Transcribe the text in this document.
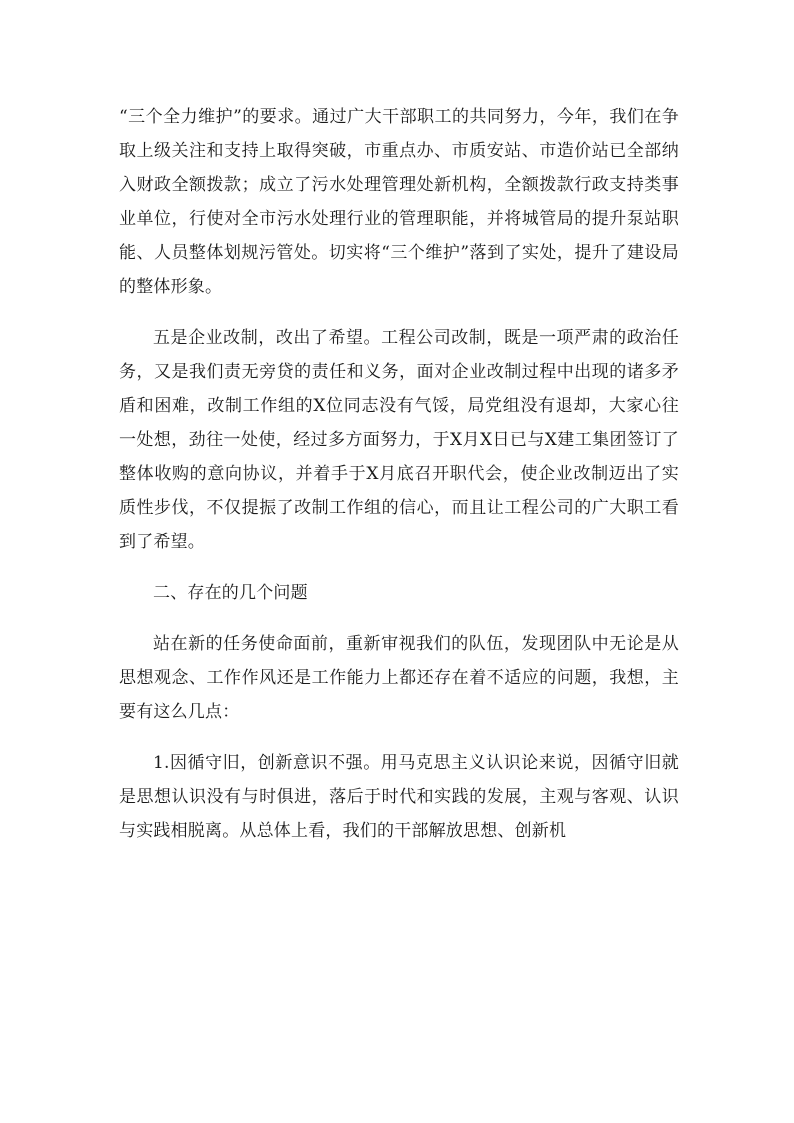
“三个全力维护”的要求。通过广大干部职工的共同努力，今年，我们在争取上级关注和支持上取得突破，市重点办、市质安站、市造价站已全部纳入财政全额拨款；成立了污水处理管理处新机构，全额拨款行政支持类事业单位，行使对全市污水处理行业的管理职能，并将城管局的提升泵站职能、人员整体划规污管处。切实将“三个维护”落到了实处，提升了建设局的整体形象。

五是企业改制，改出了希望。工程公司改制，既是一项严肃的政治任务，又是我们责无旁贷的责任和义务，面对企业改制过程中出现的诸多矛盾和困难，改制工作组的X位同志没有气馁，局党组没有退却，大家心往一处想，劲往一处使，经过多方面努力，于X月X日已与X建工集团签订了整体收购的意向协议，并着手于X月底召开职代会，使企业改制迈出了实质性步伐，不仅提振了改制工作组的信心，而且让工程公司的广大职工看到了希望。

二、存在的几个问题

站在新的任务使命面前，重新审视我们的队伍，发现团队中无论是从思想观念、工作作风还是工作能力上都还存在着不适应的问题，我想，主要有这么几点：

1.因循守旧，创新意识不强。用马克思主义认识论来说，因循守旧就是思想认识没有与时俱进，落后于时代和实践的发展，主观与客观、认识与实践相脱离。从总体上看，我们的干部解放思想、创新机
